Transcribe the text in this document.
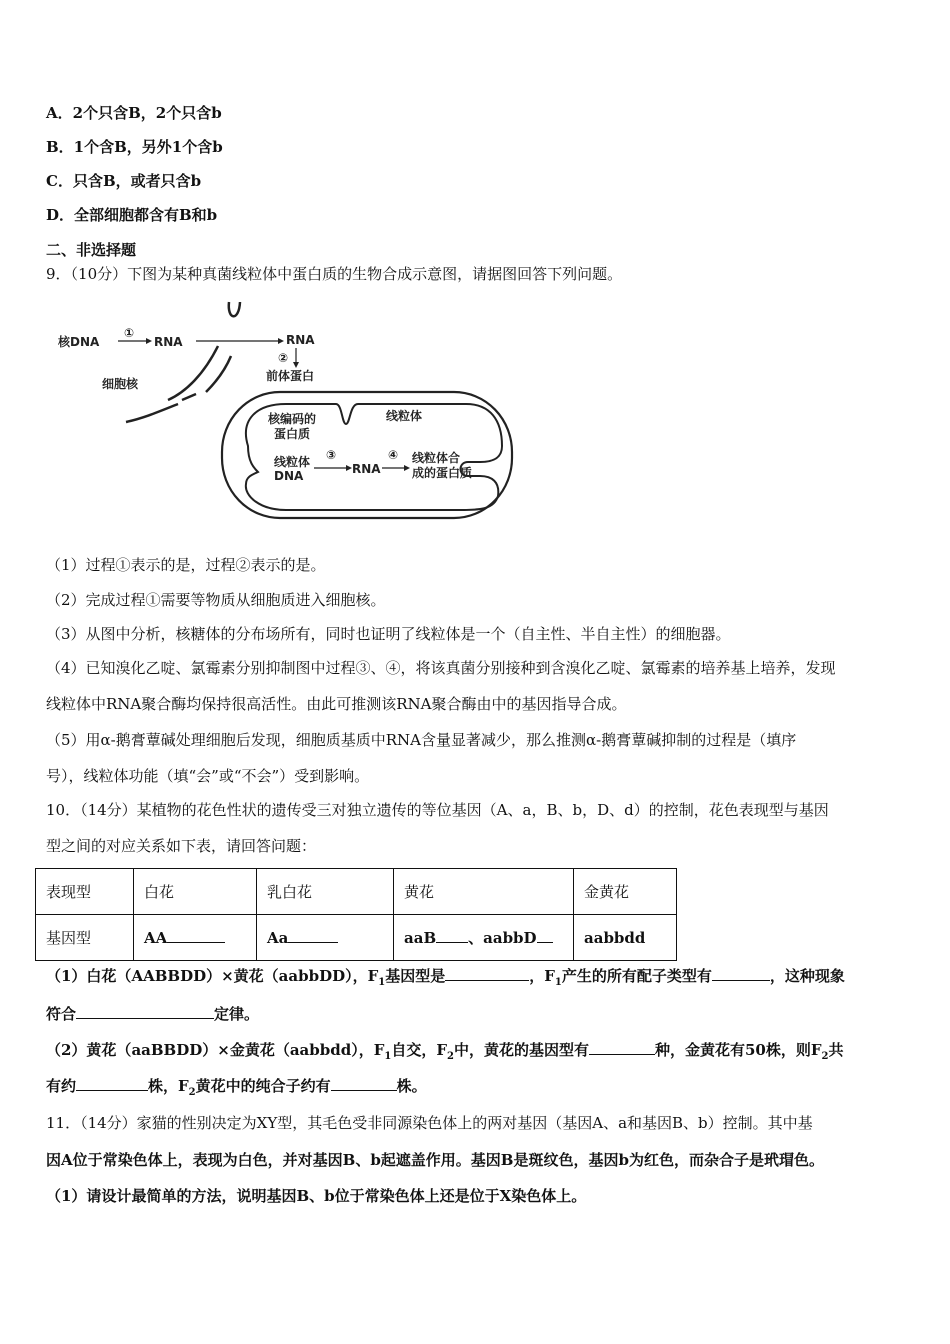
A．2个只含B，2个只含b
B．1个含B，另外1个含b
C．只含B，或者只含b
D．全部细胞都含有B和b
二、非选择题
9．（10分）下图为某种真菌线粒体中蛋白质的生物合成示意图，请据图回答下列问题。
核DNA
①
RNA	RNA
细胞核
②
前体蛋白
核编码的
蛋白质
线粒体
线粒体
DNA
③
RNA
④ 线粒体合
成的蛋白质
（1）过程①表示的是，过程②表示的是。
（2）完成过程①需要等物质从细胞质进入细胞核。
（3）从图中分析，核糖体的分布场所有，同时也证明了线粒体是一个（自主性、半自主性）的细胞器。
（4）已知溴化乙啶、氯霉素分别抑制图中过程③、④，将该真菌分别接种到含溴化乙啶、氯霉素的培养基上培养，发现
线粒体中RNA聚合酶均保持很高活性。由此可推测该RNA聚合酶由中的基因指导合成。
（5）用α-鹅膏蕈碱处理细胞后发现，细胞质基质中RNA含量显著减少，那么推测α-鹅膏蕈碱抑制的过程是（填序
号），线粒体功能（填“会”或“不会”）受到影响。
10．（14分）某植物的花色性状的遗传受三对独立遗传的等位基因（A、a，B、b，D、d）的控制，花色表现型与基因
型之间的对应关系如下表，请回答问题：
表现型	白花	乳白花	黄花	金黄花
基因型	AA	Aa	aaB 、aabbD	aabbdd
（1）白花（AABBDD）×黄花（aabbDD），$F_1$基因型是	，$F_1$产生的所有配子类型有	，这种现象
符合	定律。
（2）黄花（aaBBDD）×金黄花（aabbdd），$F_1$自交，$F_2$中，黄花的基因型有	种，金黄花有50株，则$F_2$共
有约	株，$F_2$黄花中的纯合子约有	株。
11．（14分）家猫的性别决定为XY型，其毛色受非同源染色体上的两对基因（基因A、a和基因B、b）控制。其中基
因A位于常染色体上，表现为白色，并对基因B、b起遮盖作用。基因B是斑纹色，基因b为红色，而杂合子是玳瑁色。
（1）请设计最简单的方法，说明基因B、b位于常染色体上还是位于X染色体上。
